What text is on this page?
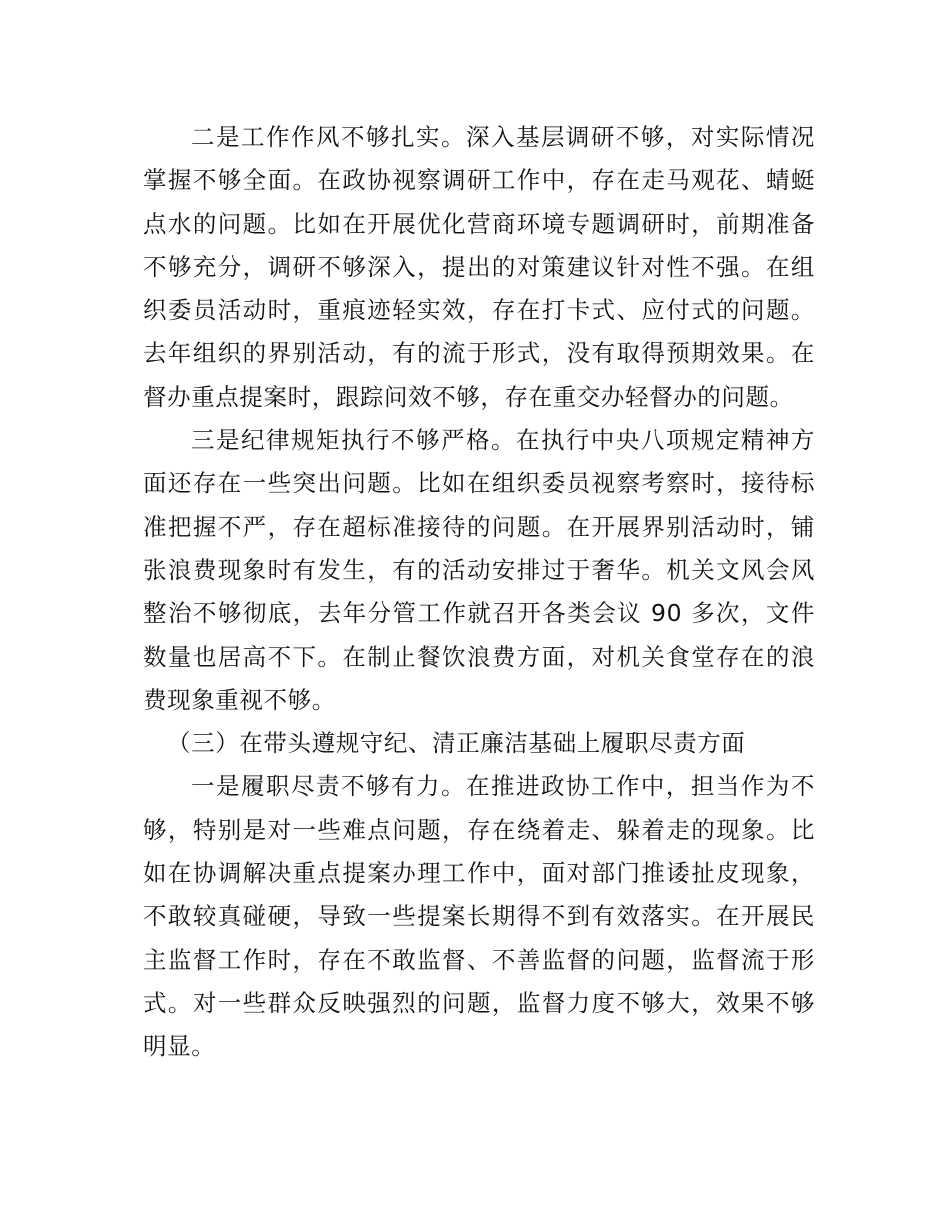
二是工作作风不够扎实。深入基层调研不够，对实际情况掌握不够全面。在政协视察调研工作中，存在走马观花、蜻蜓点水的问题。比如在开展优化营商环境专题调研时，前期准备不够充分，调研不够深入，提出的对策建议针对性不强。在组织委员活动时，重痕迹轻实效，存在打卡式、应付式的问题。去年组织的界别活动，有的流于形式，没有取得预期效果。在督办重点提案时，跟踪问效不够，存在重交办轻督办的问题。

三是纪律规矩执行不够严格。在执行中央八项规定精神方面还存在一些突出问题。比如在组织委员视察考察时，接待标准把握不严，存在超标准接待的问题。在开展界别活动时，铺张浪费现象时有发生，有的活动安排过于奢华。机关文风会风整治不够彻底，去年分管工作就召开各类会议 90 多次，文件数量也居高不下。在制止餐饮浪费方面，对机关食堂存在的浪费现象重视不够。

（三）在带头遵规守纪、清正廉洁基础上履职尽责方面

一是履职尽责不够有力。在推进政协工作中，担当作为不够，特别是对一些难点问题，存在绕着走、躲着走的现象。比如在协调解决重点提案办理工作中，面对部门推诿扯皮现象，不敢较真碰硬，导致一些提案长期得不到有效落实。在开展民主监督工作时，存在不敢监督、不善监督的问题，监督流于形式。对一些群众反映强烈的问题，监督力度不够大，效果不够明显。
